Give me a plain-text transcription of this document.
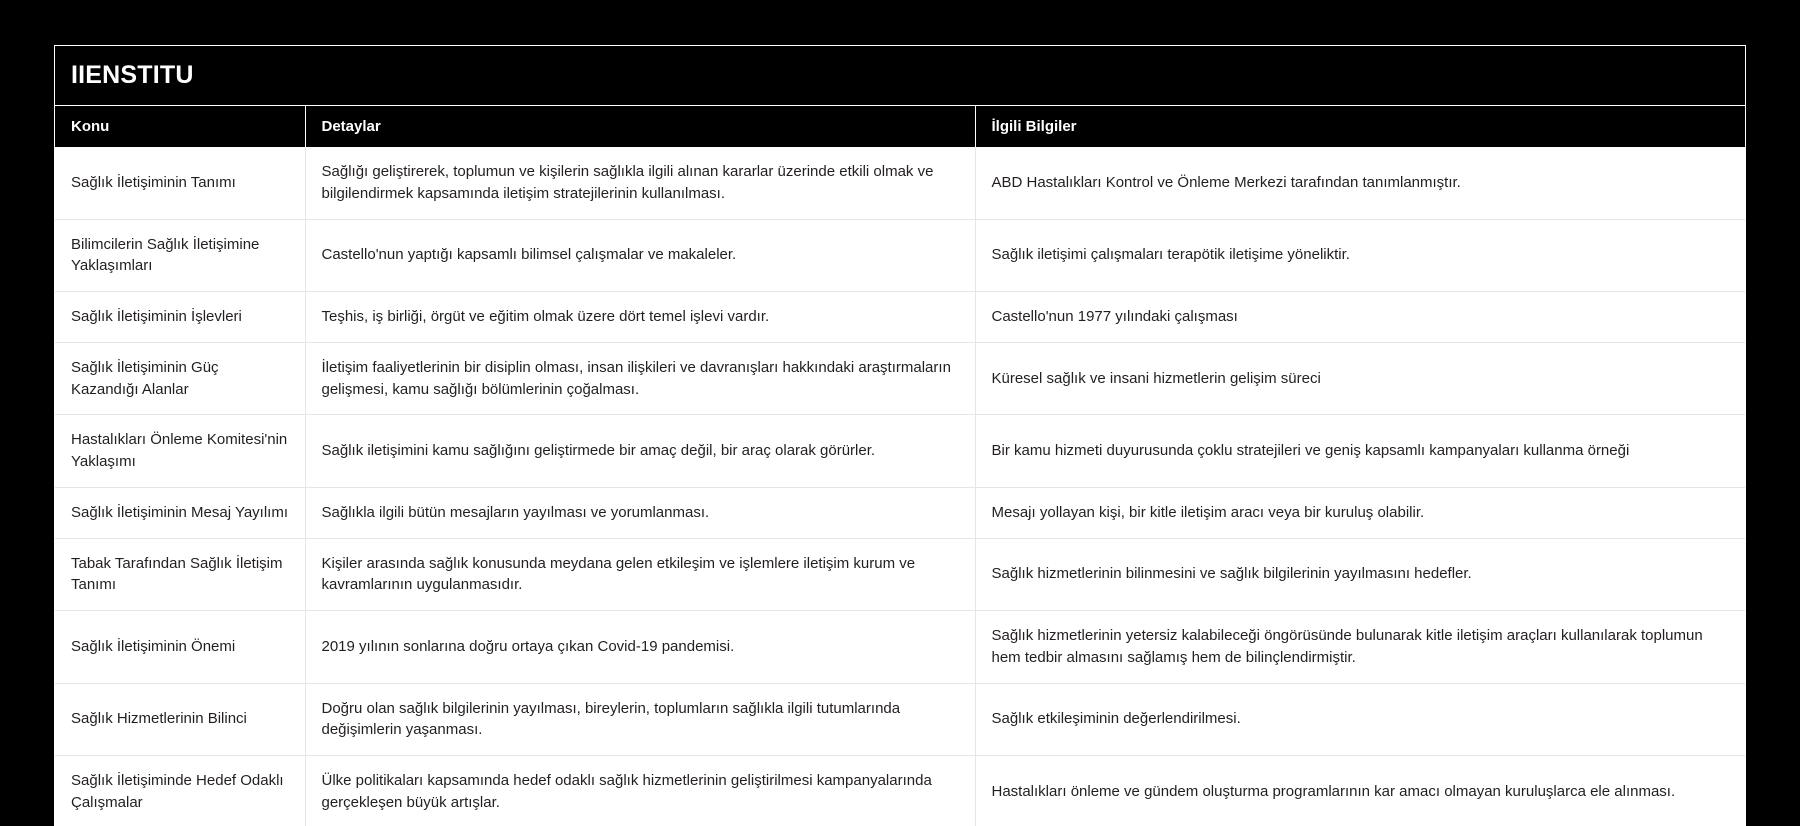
IIENSTITU
Konu	Detaylar	İlgili Bilgiler
Sağlık İletişiminin Tanımı	Sağlığı geliştirerek, toplumun ve kişilerin sağlıkla ilgili alınan kararlar üzerinde etkili olmak ve bilgilendirmek kapsamında iletişim stratejilerinin kullanılması.	ABD Hastalıkları Kontrol ve Önleme Merkezi tarafından tanımlanmıştır.
Bilimcilerin Sağlık İletişimine Yaklaşımları	Castello'nun yaptığı kapsamlı bilimsel çalışmalar ve makaleler.	Sağlık iletişimi çalışmaları terapötik iletişime yöneliktir.
Sağlık İletişiminin İşlevleri	Teşhis, iş birliği, örgüt ve eğitim olmak üzere dört temel işlevi vardır.	Castello'nun 1977 yılındaki çalışması
Sağlık İletişiminin Güç Kazandığı Alanlar	İletişim faaliyetlerinin bir disiplin olması, insan ilişkileri ve davranışları hakkındaki araştırmaların gelişmesi, kamu sağlığı bölümlerinin çoğalması.	Küresel sağlık ve insani hizmetlerin gelişim süreci
Hastalıkları Önleme Komitesi'nin Yaklaşımı	Sağlık iletişimini kamu sağlığını geliştirmede bir amaç değil, bir araç olarak görürler.	Bir kamu hizmeti duyurusunda çoklu stratejileri ve geniş kapsamlı kampanyaları kullanma örneği
Sağlık İletişiminin Mesaj Yayılımı	Sağlıkla ilgili bütün mesajların yayılması ve yorumlanması.	Mesajı yollayan kişi, bir kitle iletişim aracı veya bir kuruluş olabilir.
Tabak Tarafından Sağlık İletişim Tanımı	Kişiler arasında sağlık konusunda meydana gelen etkileşim ve işlemlere iletişim kurum ve kavramlarının uygulanmasıdır.	Sağlık hizmetlerinin bilinmesini ve sağlık bilgilerinin yayılmasını hedefler.
Sağlık İletişiminin Önemi	2019 yılının sonlarına doğru ortaya çıkan Covid-19 pandemisi.	Sağlık hizmetlerinin yetersiz kalabileceği öngörüsünde bulunarak kitle iletişim araçları kullanılarak toplumun hem tedbir almasını sağlamış hem de bilinçlendirmiştir.
Sağlık Hizmetlerinin Bilinci	Doğru olan sağlık bilgilerinin yayılması, bireylerin, toplumların sağlıkla ilgili tutumlarında değişimlerin yaşanması.	Sağlık etkileşiminin değerlendirilmesi.
Sağlık İletişiminde Hedef Odaklı Çalışmalar	Ülke politikaları kapsamında hedef odaklı sağlık hizmetlerinin geliştirilmesi kampanyalarında gerçekleşen büyük artışlar.	Hastalıkları önleme ve gündem oluşturma programlarının kar amacı olmayan kuruluşlarca ele alınması.
